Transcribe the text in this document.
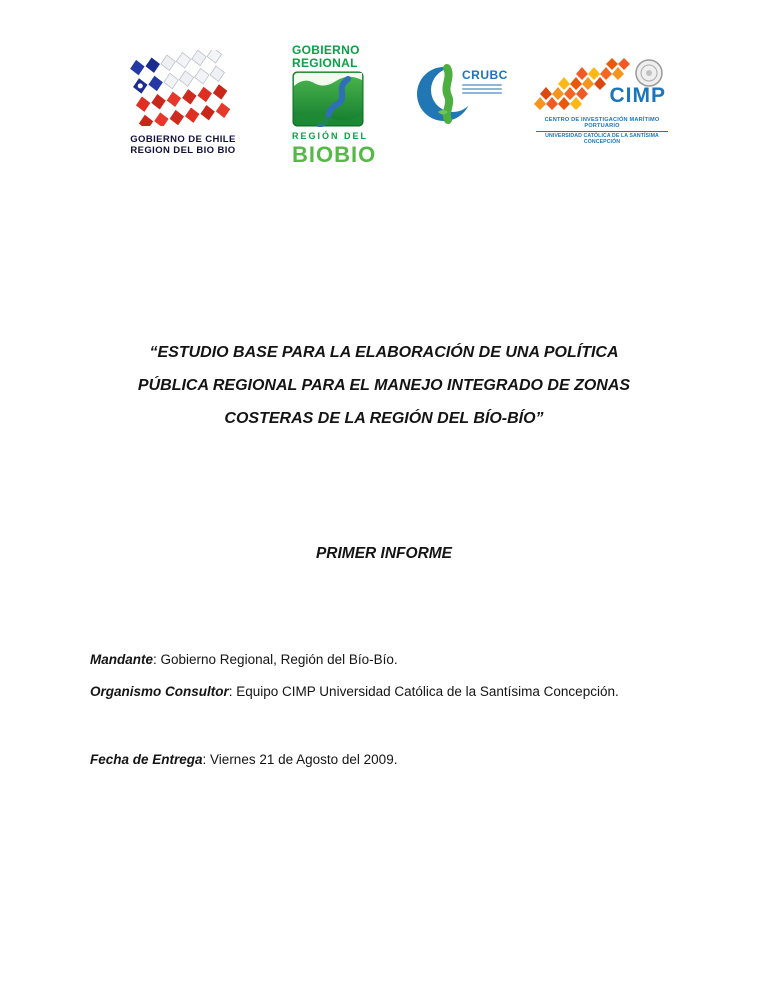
GOBIERNO DE CHILE
REGION DEL BIO BIO
GOBIERNO
REGIONAL
REGIÓN DEL
BIOBIO
CRUBC
CIMP
CENTRO DE INVESTIGACIÓN MARÍTIMO PORTUARIO
UNIVERSIDAD CATÓLICA DE LA SANTÍSIMA CONCEPCIÓN
“ESTUDIO BASE PARA LA ELABORACIÓN DE UNA POLÍTICA
PÚBLICA REGIONAL PARA EL MANEJO INTEGRADO DE ZONAS
COSTERAS DE LA REGIÓN DEL BÍO-BÍO”
PRIMER INFORME
Mandante: Gobierno Regional, Región del Bío-Bío.
Organismo Consultor: Equipo CIMP Universidad Católica de la Santísima Concepción.
Fecha de Entrega: Viernes 21 de Agosto del 2009.
